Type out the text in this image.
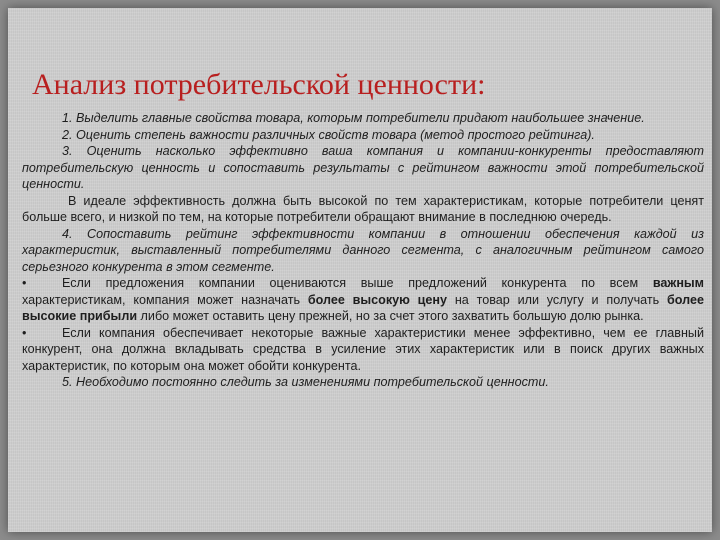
Анализ потребительской ценности:

1. Выделить главные свойства товара, которым потребители придают наибольшее значение.

2. Оценить степень важности различных свойств товара (метод простого рейтинга).

3. Оценить насколько эффективно ваша компания и компании-конкуренты предоставляют потребительскую ценность и сопоставить результаты с рейтингом важности этой потребительской ценности.

В идеале эффективность должна быть высокой по тем характеристикам, которые потребители ценят больше всего, и низкой по тем, на которые потребители обращают внимание в последнюю очередь.

4. Сопоставить рейтинг эффективности компании в отношении обеспечения каждой из характеристик, выставленный потребителями данного сегмента, с аналогичным рейтингом самого серьезного конкурента в этом сегменте.

•	Если предложения компании оцениваются выше предложений конкурента по всем важным характеристикам, компания может назначать более высокую цену на товар или услугу и получать более высокие прибыли либо может оставить цену прежней, но за счет этого захватить большую долю рынка.

•	Если компания обеспечивает некоторые важные характеристики менее эффективно, чем ее главный конкурент, она должна вкладывать средства в усиление этих характеристик или в поиск других важных характеристик, по которым она может обойти конкурента.

5. Необходимо постоянно следить за изменениями потребительской ценности.
